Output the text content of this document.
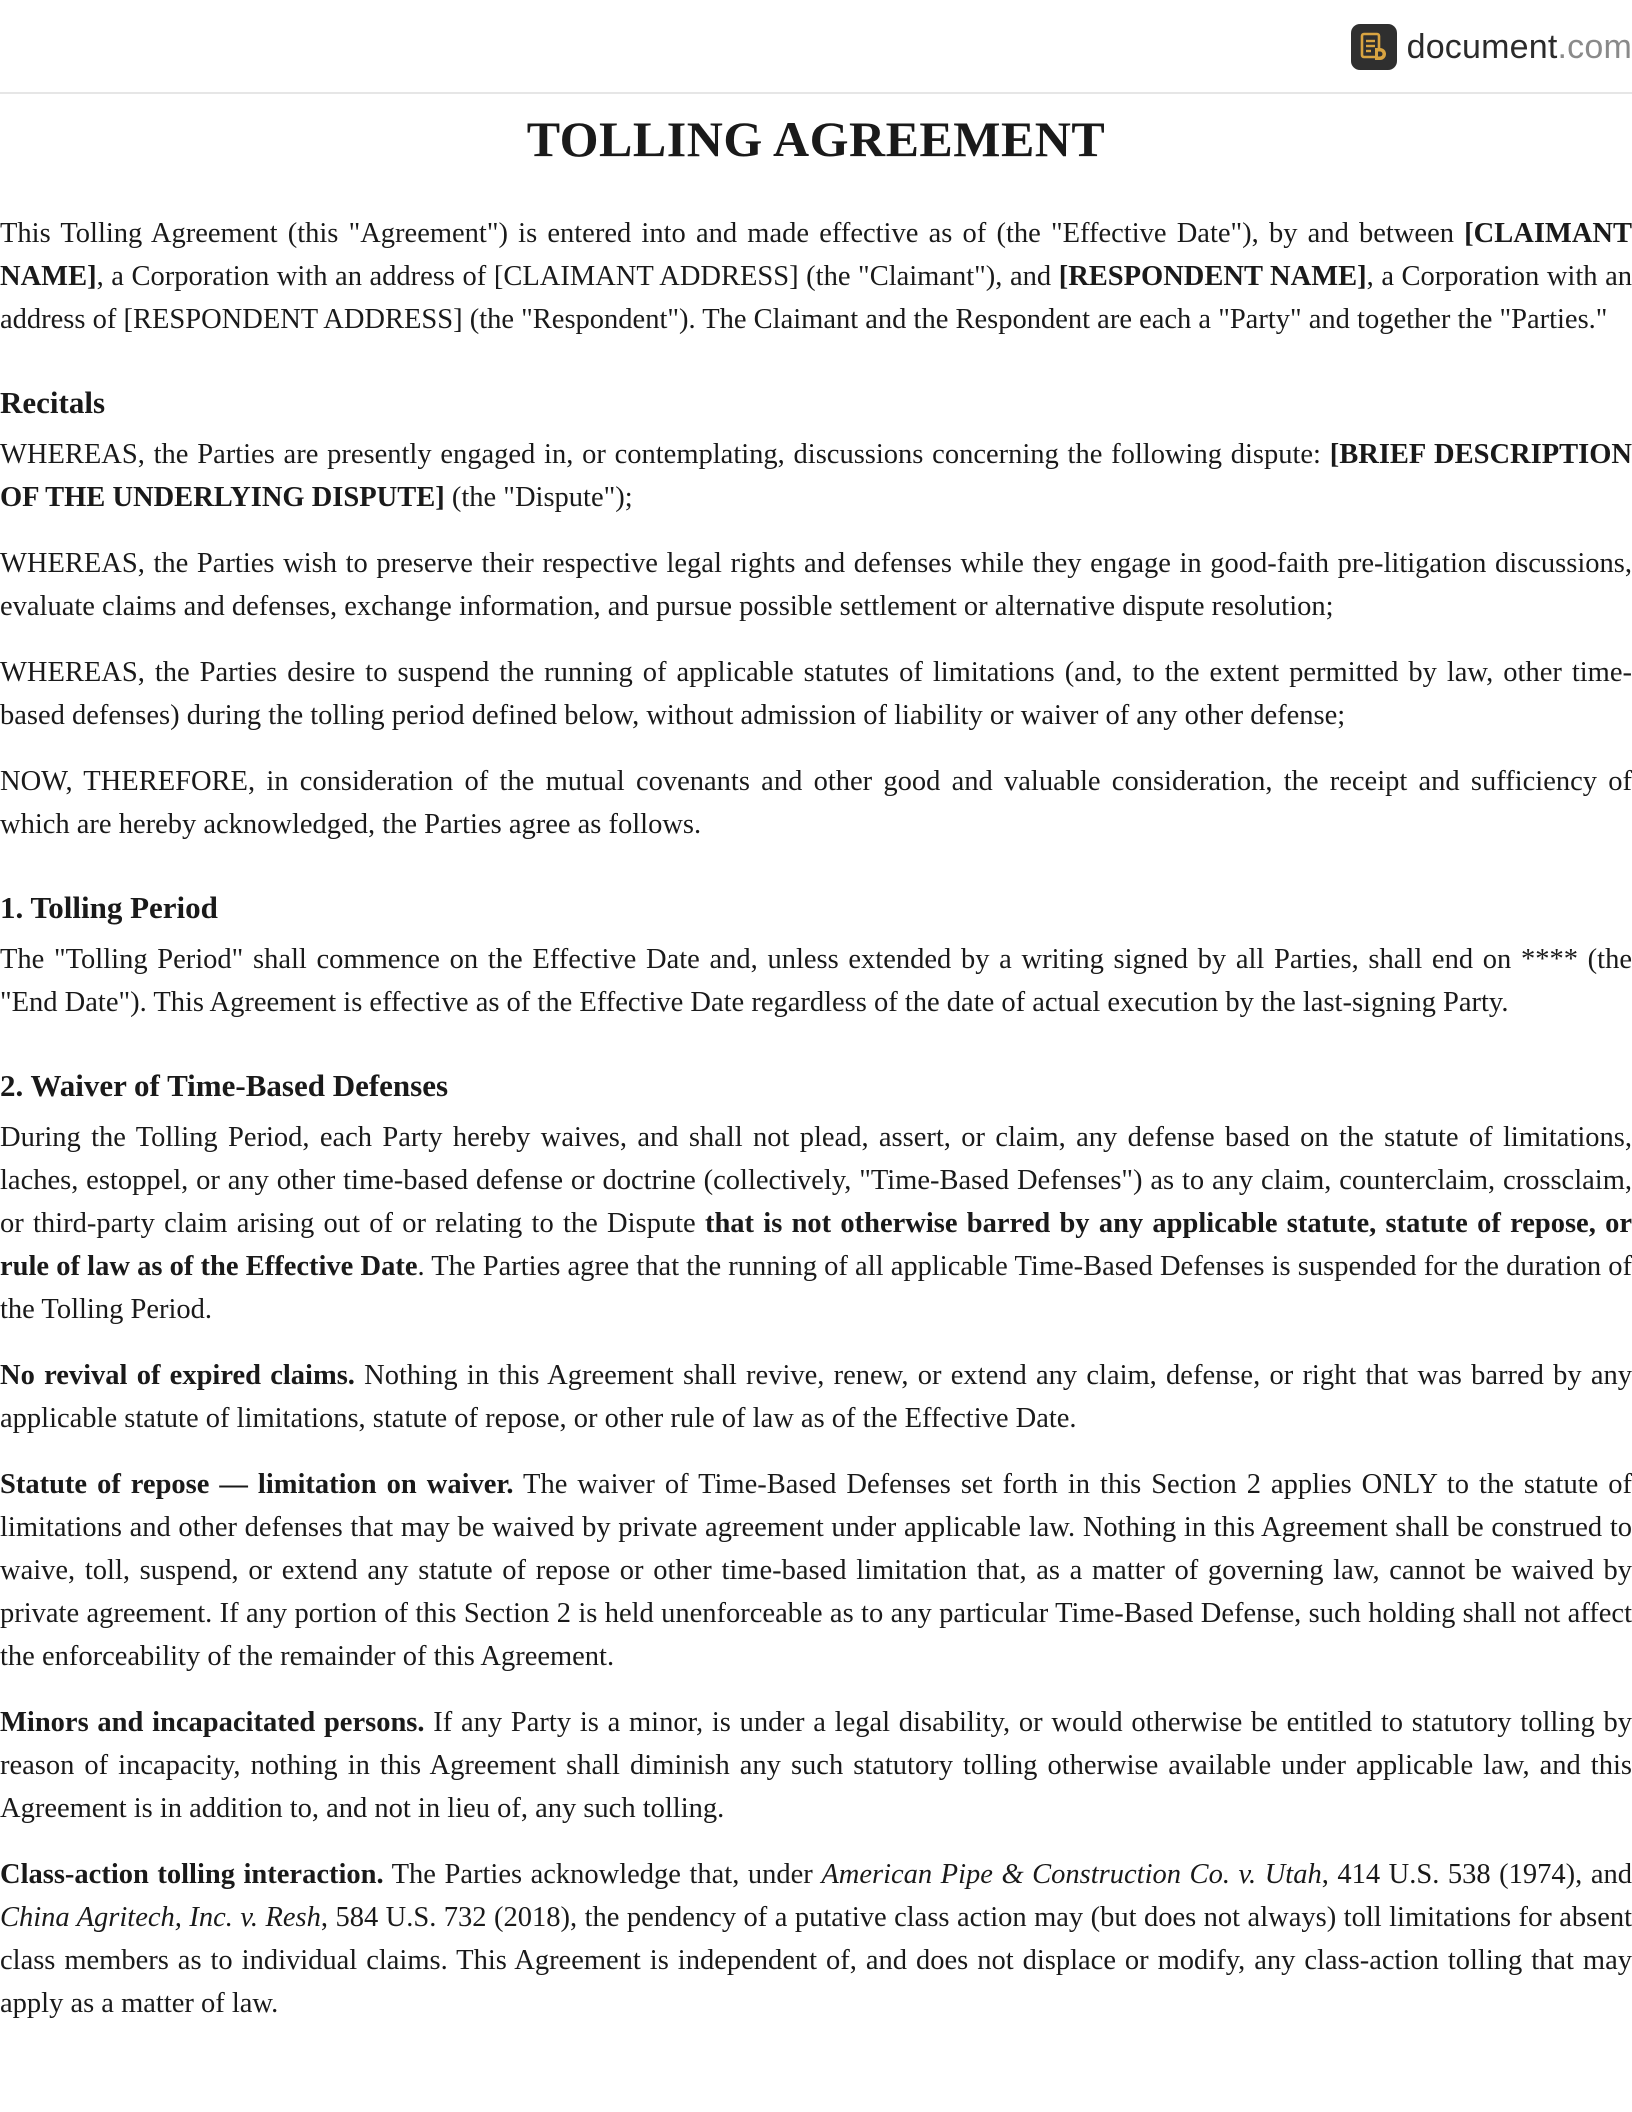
document.com
TOLLING AGREEMENT

This Tolling Agreement (this "Agreement") is entered into and made effective as of (the "Effective Date"), by and between [CLAIMANT NAME], a Corporation with an address of [CLAIMANT ADDRESS] (the "Claimant"), and [RESPONDENT NAME], a Corporation with an address of [RESPONDENT ADDRESS] (the "Respondent"). The Claimant and the Respondent are each a "Party" and together the "Parties."

Recitals

WHEREAS, the Parties are presently engaged in, or contemplating, discussions concerning the following dispute: [BRIEF DESCRIPTION OF THE UNDERLYING DISPUTE] (the "Dispute");

WHEREAS, the Parties wish to preserve their respective legal rights and defenses while they engage in good-faith pre-litigation discussions, evaluate claims and defenses, exchange information, and pursue possible settlement or alternative dispute resolution;

WHEREAS, the Parties desire to suspend the running of applicable statutes of limitations (and, to the extent permitted by law, other time-based defenses) during the tolling period defined below, without admission of liability or waiver of any other defense;

NOW, THEREFORE, in consideration of the mutual covenants and other good and valuable consideration, the receipt and sufficiency of which are hereby acknowledged, the Parties agree as follows.

1. Tolling Period

The "Tolling Period" shall commence on the Effective Date and, unless extended by a writing signed by all Parties, shall end on **** (the "End Date"). This Agreement is effective as of the Effective Date regardless of the date of actual execution by the last-signing Party.

2. Waiver of Time-Based Defenses

During the Tolling Period, each Party hereby waives, and shall not plead, assert, or claim, any defense based on the statute of limitations, laches, estoppel, or any other time-based defense or doctrine (collectively, "Time-Based Defenses") as to any claim, counterclaim, crossclaim, or third-party claim arising out of or relating to the Dispute that is not otherwise barred by any applicable statute, statute of repose, or rule of law as of the Effective Date. The Parties agree that the running of all applicable Time-Based Defenses is suspended for the duration of the Tolling Period.

No revival of expired claims. Nothing in this Agreement shall revive, renew, or extend any claim, defense, or right that was barred by any applicable statute of limitations, statute of repose, or other rule of law as of the Effective Date.

Statute of repose — limitation on waiver. The waiver of Time-Based Defenses set forth in this Section 2 applies ONLY to the statute of limitations and other defenses that may be waived by private agreement under applicable law. Nothing in this Agreement shall be construed to waive, toll, suspend, or extend any statute of repose or other time-based limitation that, as a matter of governing law, cannot be waived by private agreement. If any portion of this Section 2 is held unenforceable as to any particular Time-Based Defense, such holding shall not affect the enforceability of the remainder of this Agreement.

Minors and incapacitated persons. If any Party is a minor, is under a legal disability, or would otherwise be entitled to statutory tolling by reason of incapacity, nothing in this Agreement shall diminish any such statutory tolling otherwise available under applicable law, and this Agreement is in addition to, and not in lieu of, any such tolling.

Class-action tolling interaction. The Parties acknowledge that, under American Pipe & Construction Co. v. Utah, 414 U.S. 538 (1974), and China Agritech, Inc. v. Resh, 584 U.S. 732 (2018), the pendency of a putative class action may (but does not always) toll limitations for absent class members as to individual claims. This Agreement is independent of, and does not displace or modify, any class-action tolling that may apply as a matter of law.
